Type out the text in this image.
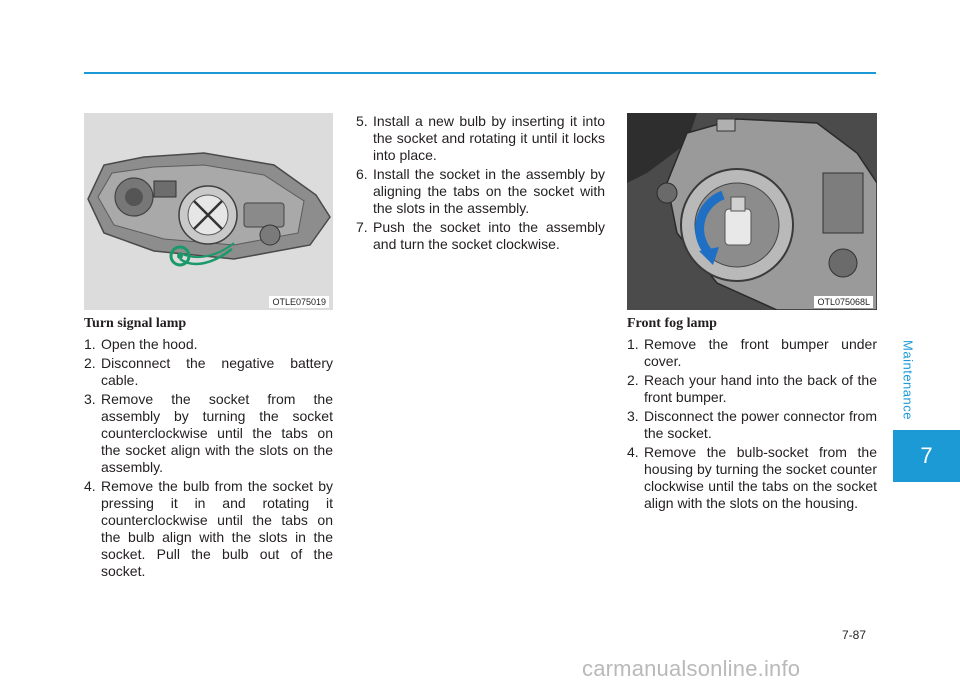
Maintenance
7
OTLE075019	OTL075068L
Turn signal lamp
1. Open the hood.
2. Disconnect the negative battery cable.
3. Remove the socket from the assembly by turning the socket counterclockwise until the tabs on the socket align with the slots on the assembly.
4. Remove the bulb from the socket by pressing it in and rotating it counterclockwise until the tabs on the bulb align with the slots in the socket. Pull the bulb out of the socket.
5. Install a new bulb by inserting it into the socket and rotating it until it locks into place.
6. Install the socket in the assembly by aligning the tabs on the socket with the slots in the assembly.
7. Push the socket into the assembly and turn the socket clockwise.
Front fog lamp
1. Remove the front bumper under cover.
2. Reach your hand into the back of the front bumper.
3. Disconnect the power connector from the socket.
4. Remove the bulb-socket from the housing by turning the socket counter clockwise until the tabs on the socket align with the slots on the housing.
7-87
carmanualsonline.info
